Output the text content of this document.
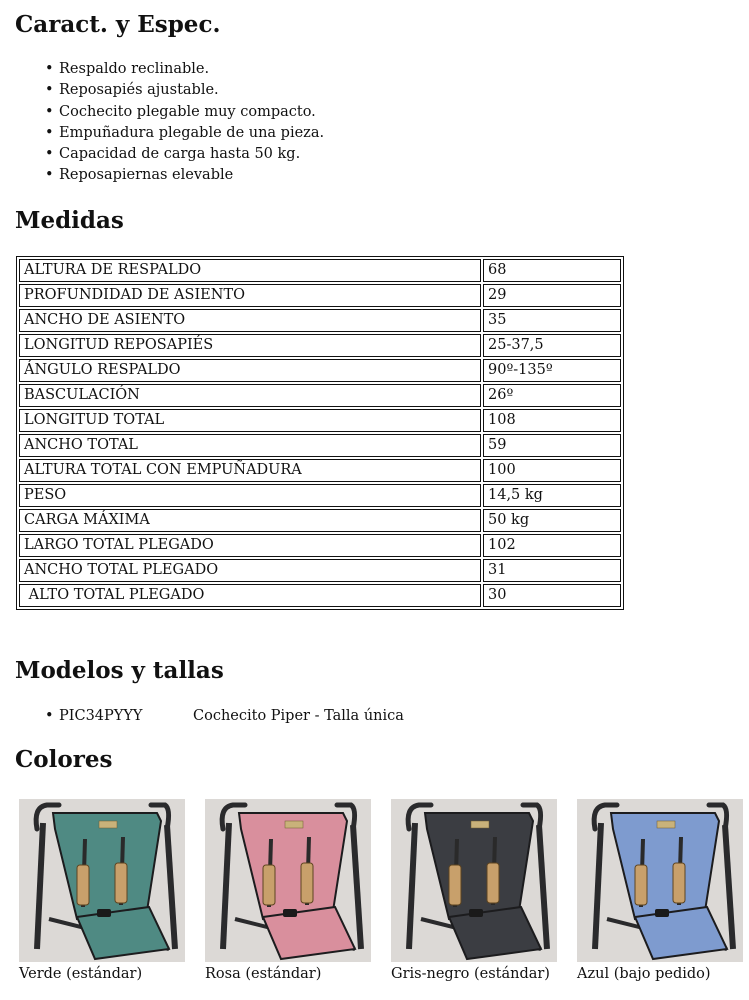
Caract. y Espec.
• Respaldo reclinable.
• Reposapiés ajustable.
• Cochecito plegable muy compacto.
• Empuñadura plegable de una pieza.
• Capacidad de carga hasta 50 kg.
• Reposapiernas elevable
Medidas
ALTURA DE RESPALDO	68
PROFUNDIDAD DE ASIENTO	29
ANCHO DE ASIENTO	35
LONGITUD REPOSAPIÉS	25-37,5
ÁNGULO RESPALDO	90º-135º
BASCULACIÓN	26º
LONGITUD TOTAL	108
ANCHO TOTAL	59
ALTURA TOTAL CON EMPUÑADURA	100
PESO	14,5 kg
CARGA MÁXIMA	50 kg
LARGO TOTAL PLEGADO	102
ANCHO TOTAL PLEGADO	31
ALTO TOTAL PLEGADO	30
Modelos y tallas
• PIC34PYYY	Cochecito Piper - Talla única
Colores
Verde (estándar)	Rosa (estándar)	Gris-negro (estándar)	Azul (bajo pedido)
